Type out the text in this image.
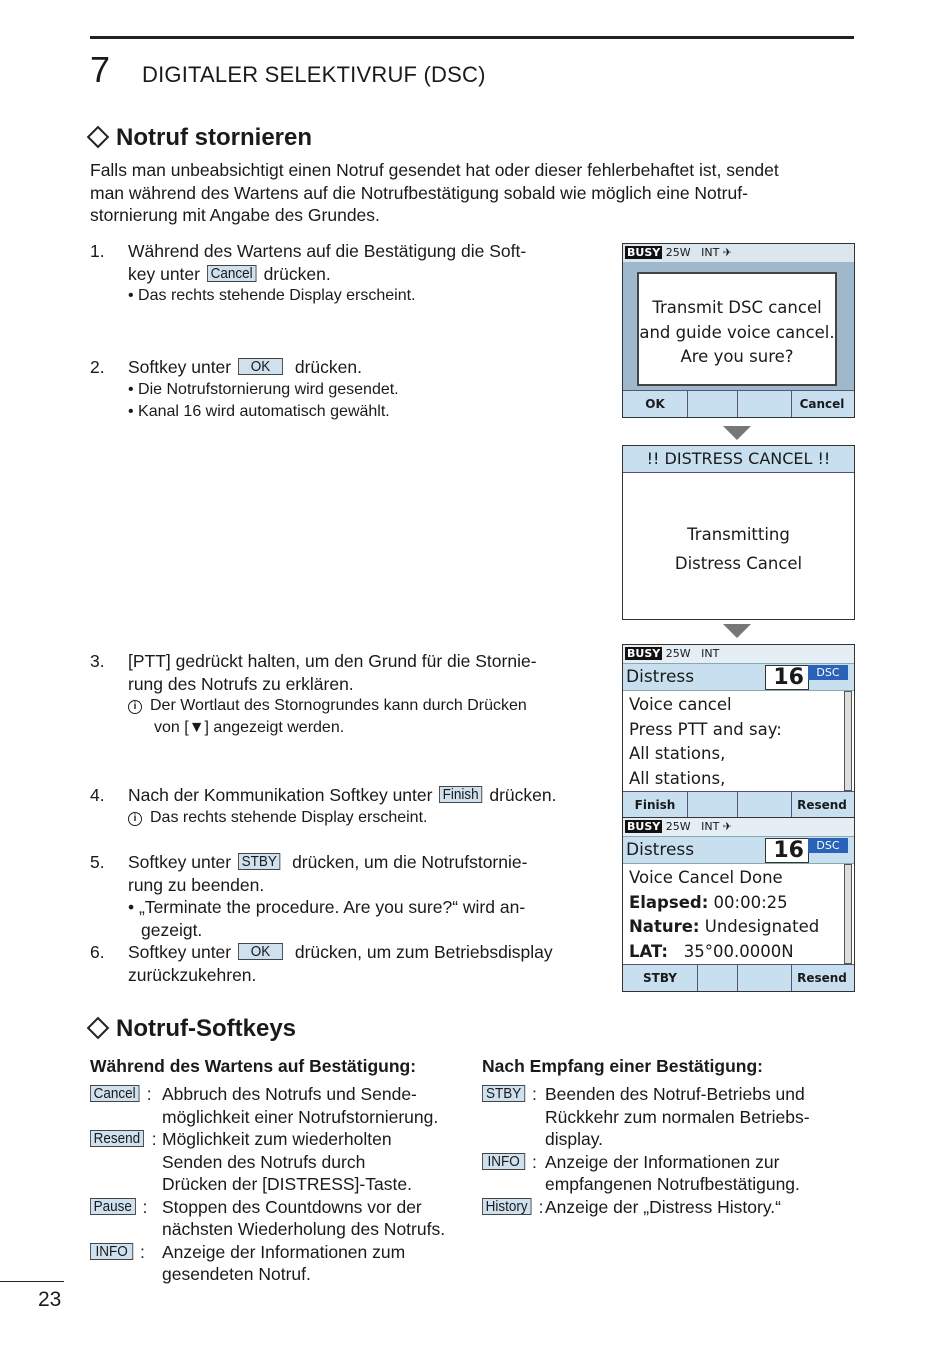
7 DIGITALER SELEKTIVRUF (DSC)
Notruf stornieren
Falls man unbeabsichtigt einen Notruf gesendet hat oder dieser fehlerbehaftet ist, sendet
man während des Wartens auf die Notrufbestätigung sobald wie möglich eine Notruf-
stornierung mit Angabe des Grundes.
1. Während des Wartens auf die Bestätigung die Soft-
key unter Cancel drücken.
• Das rechts stehende Display erscheint.
2. Softkey unter OK drücken.
• Die Notrufstornierung wird gesendet.
• Kanal 16 wird automatisch gewählt.
3. [PTT] gedrückt halten, um den Grund für die Stornie-
rung des Notrufs zu erklären.
i Der Wortlaut des Stornogrundes kann durch Drücken
von [▼] angezeigt werden.
4. Nach der Kommunikation Softkey unter Finish drücken.
i Das rechts stehende Display erscheint.
5. Softkey unter STBY drücken, um die Notrufstornie-
rung zu beenden.
• „Terminate the procedure. Are you sure?“ wird an-
gezeigt.
6. Softkey unter OK drücken, um zum Betriebsdisplay
zurückzukehren.
BUSY 25W INT ✈
Transmit DSC cancel
and guide voice cancel.
Are you sure?
OK	Cancel
!! DISTRESS CANCEL !!
Transmitting
Distress Cancel
BUSY 25W INT
Distress	16	DSC
Voice cancel
Press PTT and say:
All stations,
All stations,
Finish	Resend
BUSY 25W INT ✈
Distress	16	DSC
Voice Cancel Done
Elapsed: 00:00:25
Nature: Undesignated
LAT: 35°00.0000N
STBY	Resend
Notruf-Softkeys
Während des Wartens auf Bestätigung:
Cancel : Abbruch des Notrufs und Sende-
möglichkeit einer Notrufstornierung.
Resend : Möglichkeit zum wiederholten
Senden des Notrufs durch
Drücken der [DISTRESS]-Taste.
Pause : Stoppen des Countdowns vor der
nächsten Wiederholung des Notrufs.
INFO : Anzeige der Informationen zum
gesendeten Notruf.
Nach Empfang einer Bestätigung:
STBY : Beenden des Notruf-Betriebs und
Rückkehr zum normalen Betriebs-
display.
INFO : Anzeige der Informationen zur
empfangenen Notrufbestätigung.
History : Anzeige der „Distress History.“
23
